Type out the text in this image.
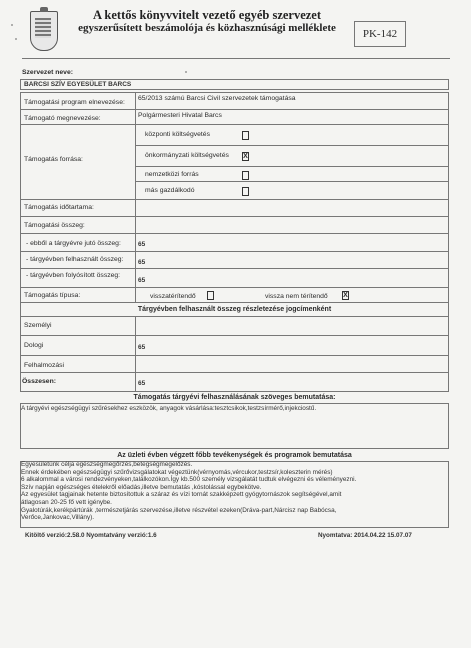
A kettős könyvvitelt vezető egyéb szervezet
egyszerűsített beszámolója és közhasznúsági melléklete	PK-142
Szervezet neve:
BARCSI SZÍV EGYESÜLET BARCS
Támogatási program elnevezése:
65/2013 számú Barcsi Civil szervezetek támogatása
Támogató megnevezése:	Polgármesteri Hivatal Barcs
Támogatás forrása:
központi költségvetés
önkormányzati költségvetés X
nemzetközi forrás
más gazdálkodó
Támogatás időtartama:
Támogatási összeg:
- ebből a tárgyévre jutó összeg:	65
- tárgyévben felhasznált összeg: 65
- tárgyévben folyósított összeg:
65
Támogatás típusa:	visszatérítendő	vissza nem térítendő X
Tárgyévben felhasznált összeg részletezése jogcímenként
Személyi
Dologi	65
Felhalmozási
Összesen:	65
Támogatás tárgyévi felhasználásának szöveges bemutatása:
A tárgyévi egészségügyi szűrésekhez eszközök, anyagok vásárlása:tesztcsikok,testzsírmérő,injekciostű.
Az üzleti évben végzett főbb tevékenységek és programok bemutatása
Egyesületünk célja egészségmegőrzés,betegségmegelőzés.
Ennek érdekében egészségügyi szűrővizsgálatokat végeztünk(vérnyomás,vércukor,testzsír,koleszterin mérés)
6 alkalommal a városi rendezvényeken,találkozókon.Így kb.500 személy vizsgálatát tudtuk elvégezni és véleményezni.
Szív napján egészséges ételekről előadás,illetve bemutatás ,kóstolással egybekötve.
Az egyesület tagjainak hetente biztosítottuk a száraz és vízi tornát szakképzett gyógytornászok segítségével,amit
átlagosan 20-25 fő vett igénybe.
Gyalotúrák,kerékpártúrák ,természetjárás szervezése,illetve részvétel ezeken(Dráva-part,Nárcisz nap Babócsa,
Verőce,Jankovac,Villány).
Kitöltő verzió:2.58.0 Nyomtatvány verzió:1.6	Nyomtatva: 2014.04.22 15.07.07
